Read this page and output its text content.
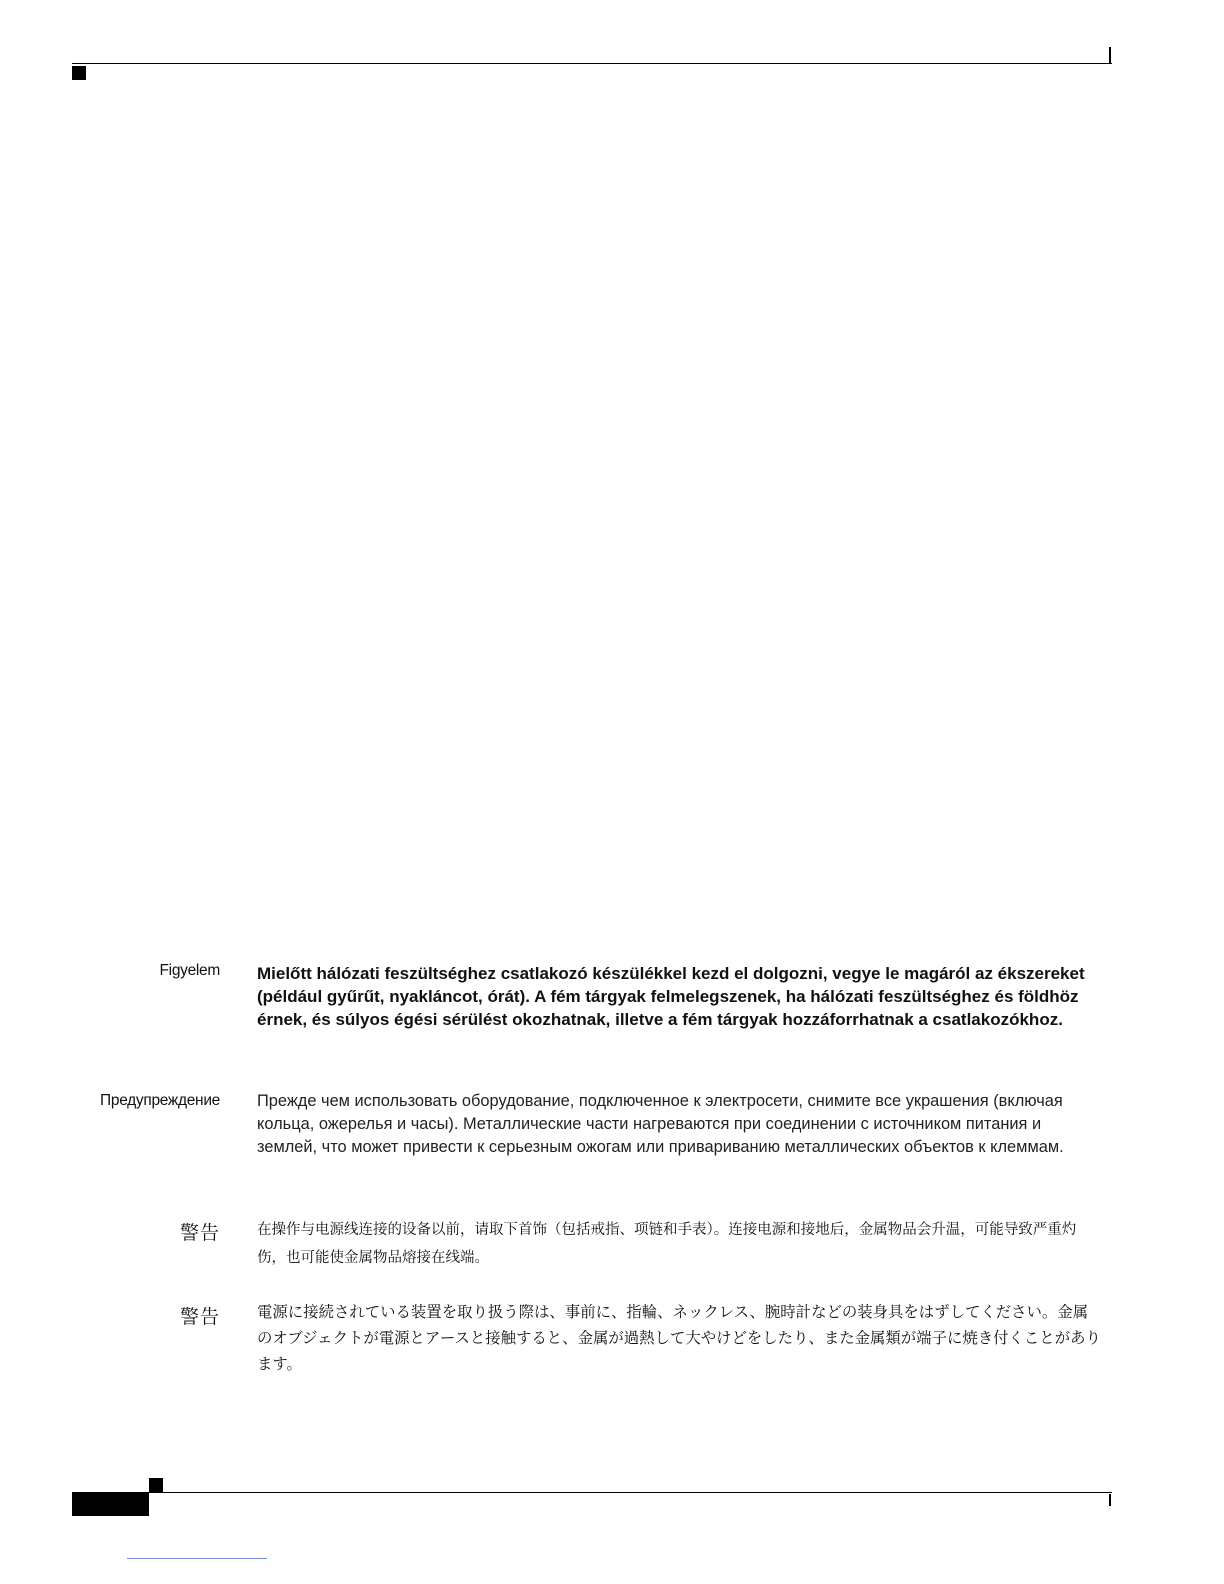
Figyelem Mielőtt hálózati feszültséghez csatlakozó készülékkel kezd el dolgozni, vegye le magáról az ékszereket (például gyűrűt, nyakláncot, órát). A fém tárgyak felmelegszenek, ha hálózati feszültséghez és földhöz érnek, és súlyos égési sérülést okozhatnak, illetve a fém tárgyak hozzáforrhatnak a csatlakozókhoz.
Предупреждение Прежде чем использовать оборудование, подключенное к электросети, снимите все украшения (включая кольца, ожерелья и часы). Металлические части нагреваются при соединении с источником питания и землей, что может привести к серьезным ожогам или привариванию металлических объектов к клеммам.
警告	在操作与电源线连接的设备以前，请取下首饰（包括戒指、项链和手表）。连接电源和接地后，金属物品会升温，可能导致严重灼伤，也可能使金属物品熔接在线端。
警告 電源に接続されている装置を取り扱う際は、事前に、指輪、ネックレス、腕時計などの装身具をはずしてください。金属のオブジェクトが電源とアースと接触すると、金属が過熱して大やけどをしたり、また金属類が端子に焼き付くことがあります。
